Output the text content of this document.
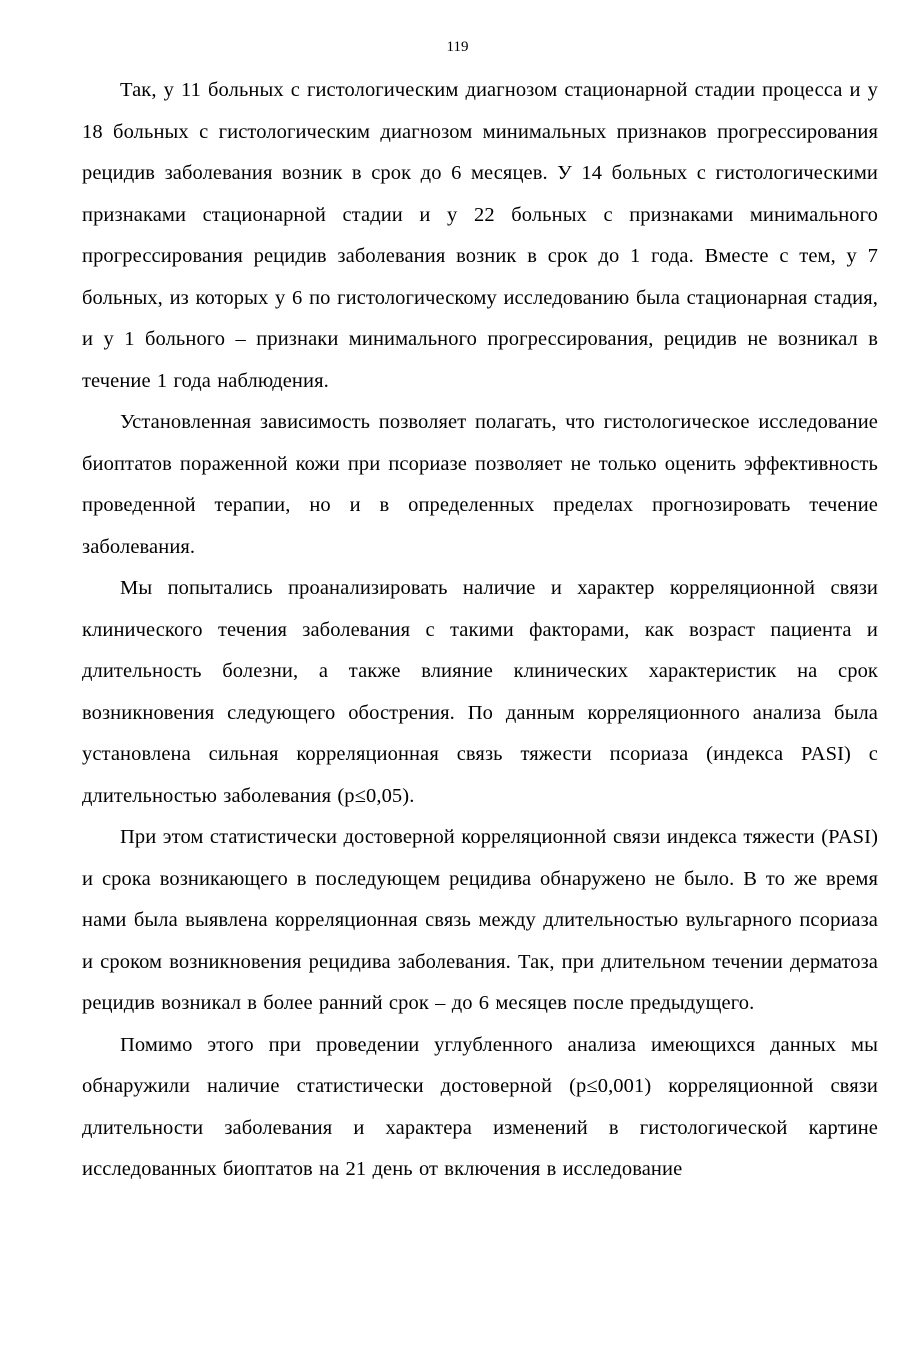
119

Так, у 11 больных с гистологическим диагнозом стационарной стадии процесса и у 18 больных с гистологическим диагнозом минимальных признаков прогрессирования рецидив заболевания возник в срок до 6 месяцев. У 14 больных с гистологическими признаками стационарной стадии и у 22 больных с признаками минимального прогрессирования рецидив заболевания возник в срок до 1 года. Вместе с тем, у 7 больных, из которых у 6 по гистологическому исследованию была стационарная стадия, и у 1 больного – признаки минимального прогрессирования, рецидив не возникал в течение 1 года наблюдения.

Установленная зависимость позволяет полагать, что гистологическое исследование биоптатов пораженной кожи при псориазе позволяет не только оценить эффективность проведенной терапии, но и в определенных пределах прогнозировать течение заболевания.

Мы попытались проанализировать наличие и характер корреляционной связи клинического течения заболевания с такими факторами, как возраст пациента и длительность болезни, а также влияние клинических характеристик на срок возникновения следующего обострения. По данным корреляционного анализа была установлена сильная корреляционная связь тяжести псориаза (индекса PASI) с длительностью заболевания (p≤0,05).

При этом статистически достоверной корреляционной связи индекса тяжести (PASI) и срока возникающего в последующем рецидива обнаружено не было. В то же время нами была выявлена корреляционная связь между длительностью вульгарного псориаза и сроком возникновения рецидива заболевания. Так, при длительном течении дерматоза рецидив возникал в более ранний срок – до 6 месяцев после предыдущего.

Помимо этого при проведении углубленного анализа имеющихся данных мы обнаружили наличие статистически достоверной (p≤0,001) корреляционной связи длительности заболевания и характера изменений в гистологической картине исследованных биоптатов на 21 день от включения в исследование
